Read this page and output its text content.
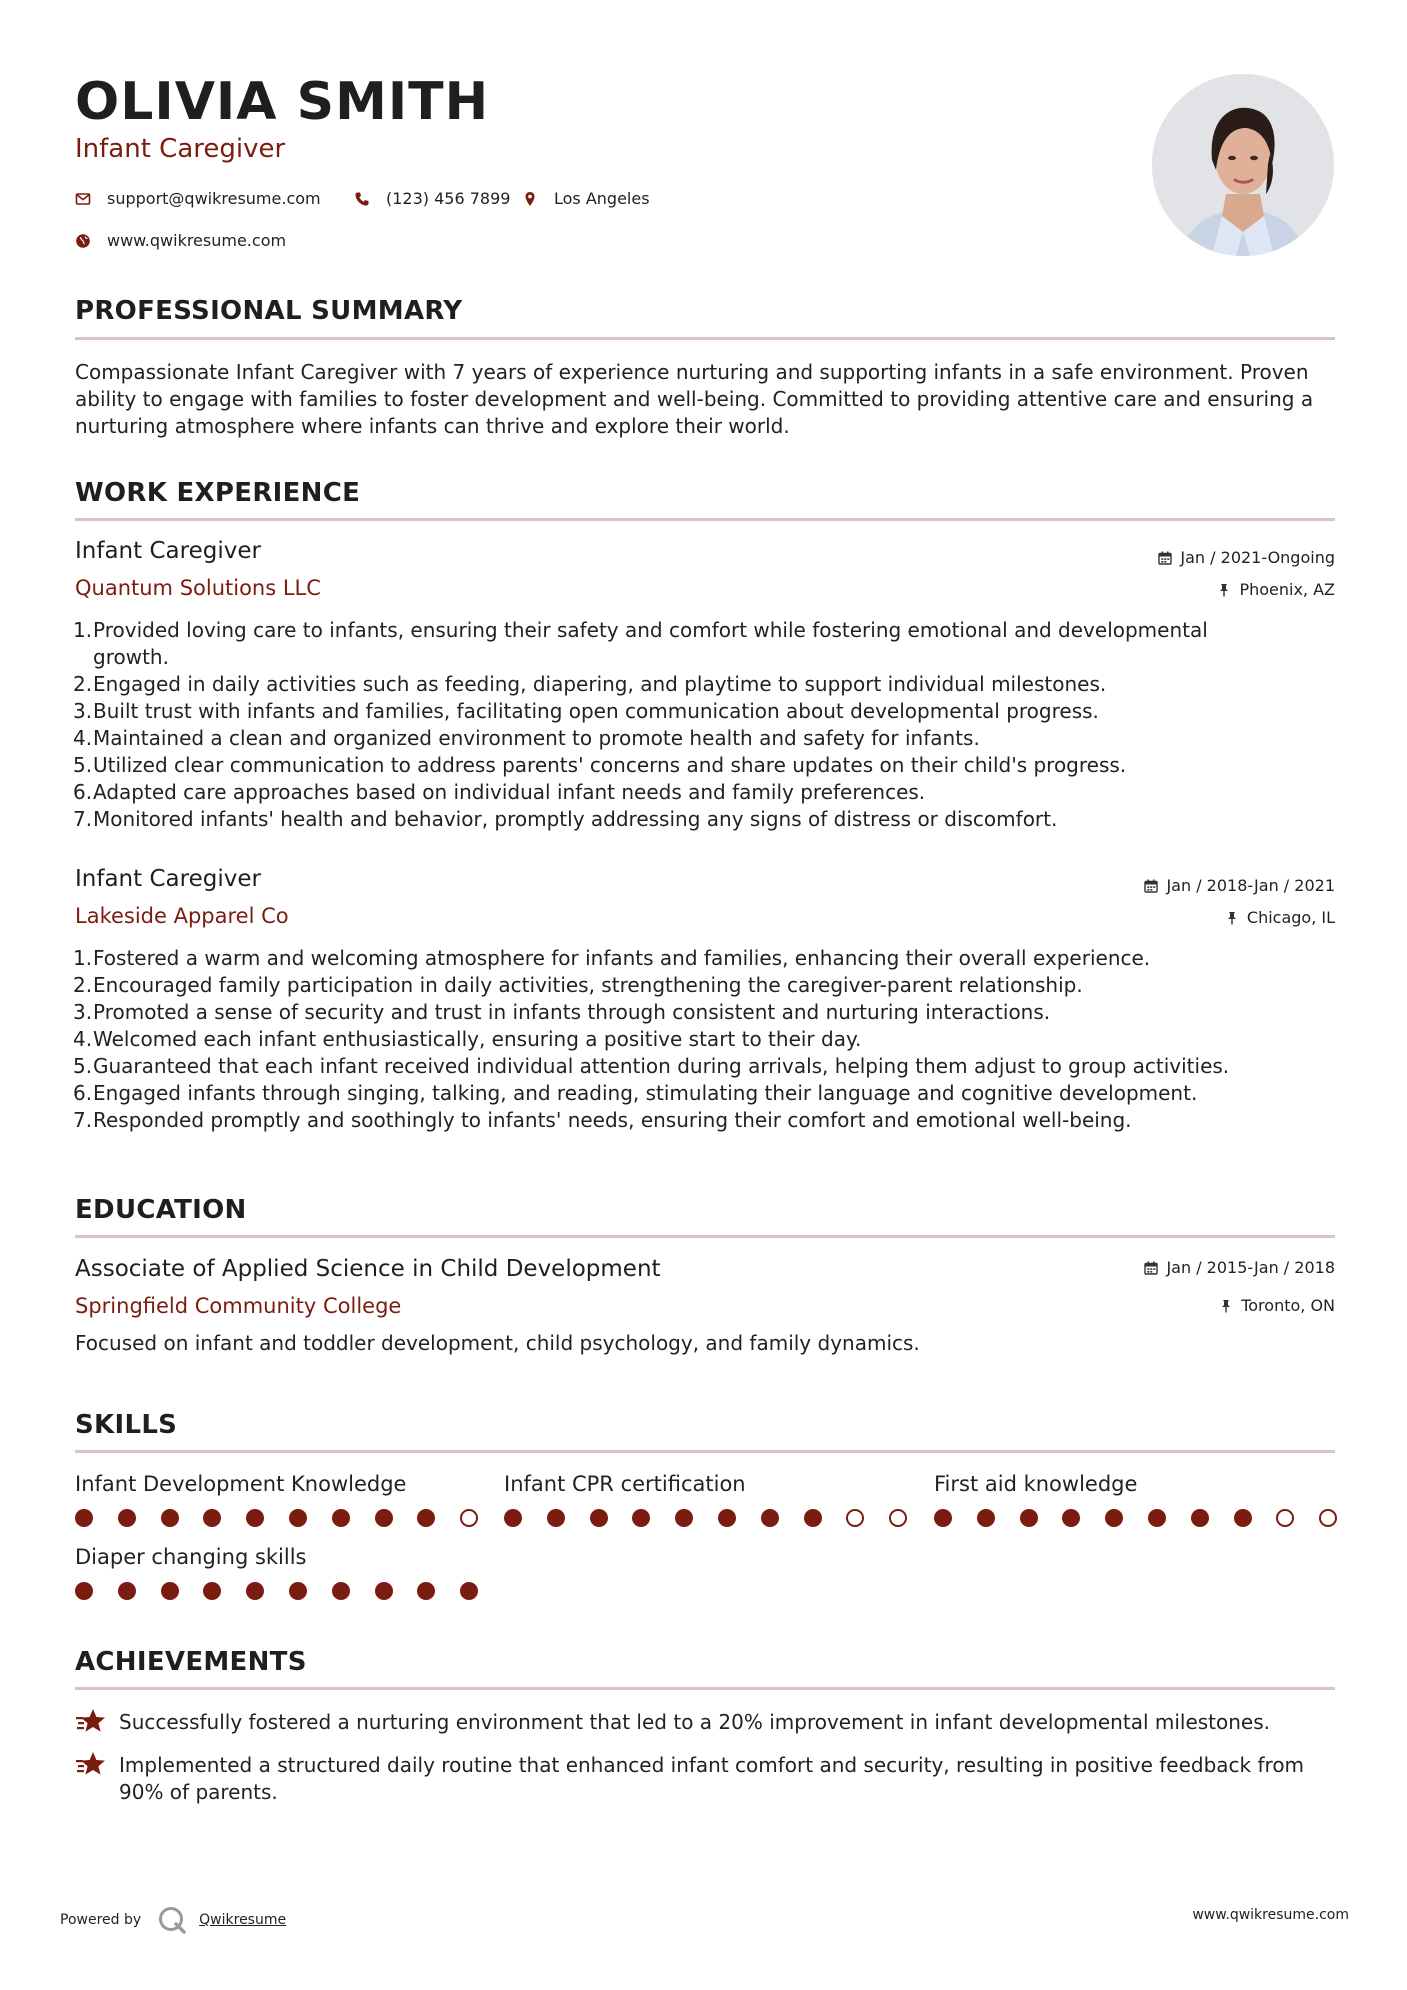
OLIVIA SMITH
Infant Caregiver
support@qwikresume.com	(123) 456 7899	Los Angeles
www.qwikresume.com
PROFESSIONAL SUMMARY
Compassionate Infant Caregiver with 7 years of experience nurturing and supporting infants in a safe environment. Proven ability to engage with families to foster development and well-being. Committed to providing attentive care and ensuring a nurturing atmosphere where infants can thrive and explore their world.
WORK EXPERIENCE
Infant Caregiver
Quantum Solutions LLC
Jan / 2021-Ongoing
Phoenix, AZ
1. Provided loving care to infants, ensuring their safety and comfort while fostering emotional and developmental growth.
2. Engaged in daily activities such as feeding, diapering, and playtime to support individual milestones.
3. Built trust with infants and families, facilitating open communication about developmental progress.
4. Maintained a clean and organized environment to promote health and safety for infants.
5. Utilized clear communication to address parents' concerns and share updates on their child's progress.
6. Adapted care approaches based on individual infant needs and family preferences.
7. Monitored infants' health and behavior, promptly addressing any signs of distress or discomfort.
Infant Caregiver
Lakeside Apparel Co
Jan / 2018-Jan / 2021
Chicago, IL
1. Fostered a warm and welcoming atmosphere for infants and families, enhancing their overall experience.
2. Encouraged family participation in daily activities, strengthening the caregiver-parent relationship.
3. Promoted a sense of security and trust in infants through consistent and nurturing interactions.
4. Welcomed each infant enthusiastically, ensuring a positive start to their day.
5. Guaranteed that each infant received individual attention during arrivals, helping them adjust to group activities.
6. Engaged infants through singing, talking, and reading, stimulating their language and cognitive development.
7. Responded promptly and soothingly to infants' needs, ensuring their comfort and emotional well-being.
EDUCATION
Associate of Applied Science in Child Development
Springfield Community College
Jan / 2015-Jan / 2018
Toronto, ON
Focused on infant and toddler development, child psychology, and family dynamics.
SKILLS
Infant Development Knowledge	Infant CPR certification	First aid knowledge
Diaper changing skills
ACHIEVEMENTS
Successfully fostered a nurturing environment that led to a 20% improvement in infant developmental milestones.
Implemented a structured daily routine that enhanced infant comfort and security, resulting in positive feedback from 90% of parents.
Powered by	Qwikresume	www.qwikresume.com
